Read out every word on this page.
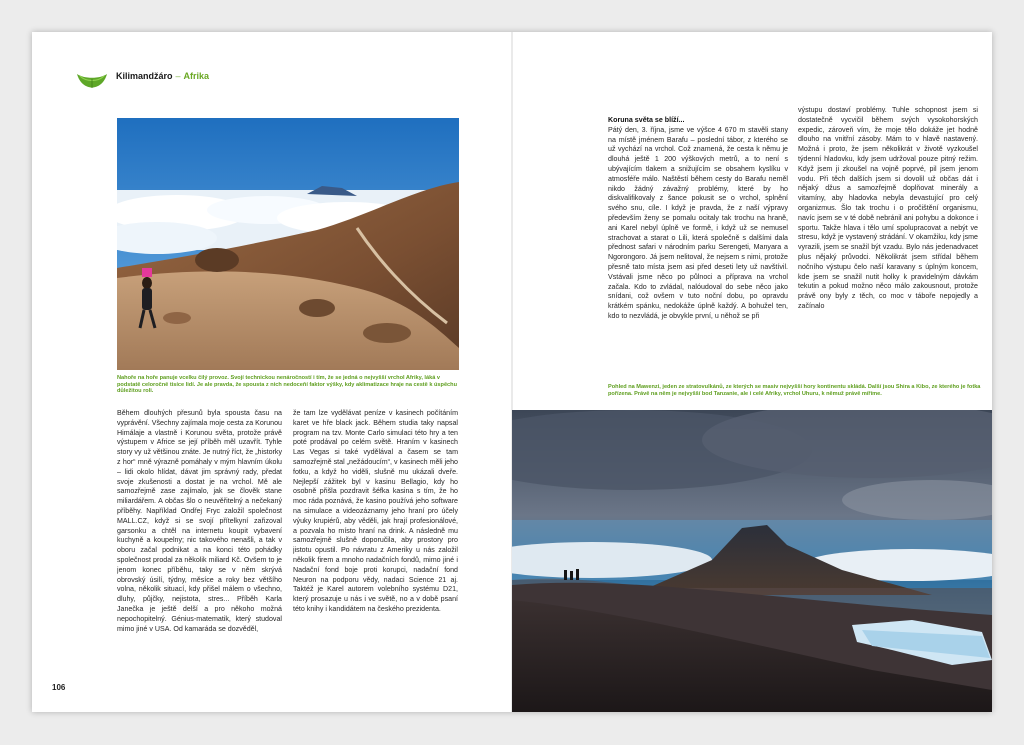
Kilimandžáro – Afrika
Nahoře na hoře panuje vcelku čilý provoz. Svojí technickou nenáročností i tím, že se jedná o nejvyšší vrchol Afriky, láká v podstatě celoročně tisíce lidí. Je ale pravda, že spousta z nich nedoceňí faktor výšky, kdy aklimatizace hraje na cestě k úspěchu důležitou roli.

Během dlouhých přesunů byla spousta času na vyprávění. Všechny zajímala moje cesta za Korunou Himálaje a vlastně i Korunou světa, protože právě výstupem v Africe se její příběh měl uzavřít. Tyhle story vy už většinou znáte. Je nutný říct, že „historky z hor“ mně výrazně pomáhaly v mým hlavním úkolu – lidi okolo hlídat, dávat jim správný rady, předat svoje zkušenosti a dostat je na vrchol. Mě ale samozřejmě zase zajímalo, jak se člověk stane miliardářem. A občas šlo o neuvěřitelný a nečekaný příběhy. Například Ondřej Fryc založil společnost MALL.CZ, když si se svojí přítelkyní zařizoval garsonku a chtěl na internetu koupit vybavení kuchyně a koupelny; nic takového nenašli, a tak v oboru začal podnikat a na konci této pohádky společnost prodal za několik miliard Kč. Ovšem to je jenom konec příběhu, taky se v něm skrývá obrovský úsilí, týdny, měsíce a roky bez většího volna, několik situací, kdy přišel málem o všechno, dluhy, půjčky, nejistota, stres... Příběh Karla Janečka je ještě delší a pro někoho možná nepochopitelný. Génius-matematik, který studoval mimo jiné v USA. Od kamaráda se dozvěděl,

že tam lze vydělávat peníze v kasinech počítáním karet ve hře black jack. Během studia taky napsal program na tzv. Monte Carlo simulaci této hry a ten poté prodával po celém světě. Hraním v kasinech Las Vegas si také vydělával a časem se tam samozřejmě stal „nežádoucím“, v kasinech měli jeho fotku, a když ho viděli, slušně mu ukázali dveře. Nejlepší zážitek byl v kasinu Bellagio, kdy ho osobně přišla pozdravit šéfka kasina s tím, že ho moc ráda poznává, že kasino používá jeho software na simulace a videozáznamy jeho hraní pro účely výuky krupiérů, aby věděli, jak hrají profesionálové, a pozvala ho místo hraní na drink. A následně mu samozřejmě slušně doporučila, aby prostory pro jistotu opustil. Po návratu z Ameriky u nás založil několik firem a mnoho nadačních fondů, mimo jiné i Nadační fond boje proti korupci, nadační fond Neuron na podporu vědy, nadaci Science 21 aj. Taktéž je Karel autorem volebního systému D21, který prosazuje u nás i ve světě, no a v době psaní této knihy i kandidátem na českého prezidenta.

106

Koruna světa se blíží...

Pátý den, 3. října, jsme ve výšce 4 670 m stavěli stany na místě jménem Barafu – poslední tábor, z kterého se už vychází na vrchol. Což znamená, že cesta k němu je dlouhá ještě 1 200 výškových metrů, a to není s ubývajícím tlakem a snižujícím se obsahem kyslíku v atmosféře málo. Naštěstí během cesty do Barafu neměl nikdo žádný závažný problémy, které by ho diskvalifikovaly z šance pokusit se o vrchol, splnění svého snu, cíle. I když je pravda, že z naší výpravy především ženy se pomalu ocitaly tak trochu na hraně, ani Karel nebyl úplně ve formě, i když už se nemusel strachovat a starat o Lili, která společně s dalšími dala přednost safari v národním parku Serengeti, Manyara a Ngorongoro. Já jsem nelitoval, že nejsem s nimi, protože přesně tato místa jsem asi před deseti lety už navštívil. Vstávali jsme něco po půlnoci a příprava na vrchol začala. Kdo to zvládal, nalóudoval do sebe něco jako snídani, což ovšem v tuto noční dobu, po opravdu krátkém spánku, nedokáže úplně každý. A bohužel ten, kdo to nezvládá, je obvykle první, u něhož se při

výstupu dostaví problémy. Tuhle schopnost jsem si dostatečně vycvičil během svých vysokohorských expedic, zároveň vím, že moje tělo dokáže jet hodně dlouho na vnitřní zásoby. Mám to v hlavě nastavený. Možná i proto, že jsem několikrát v životě vyzkoušel týdenní hladovku, kdy jsem udržoval pouze pitný režim. Když jsem ji zkoušel na vojně poprvé, pil jsem jenom vodu. Při těch dalších jsem si dovolil už občas dát i nějaký džus a samozřejmě doplňovat minerály a vitamíny, aby hladovka nebyla devastující pro celý organizmus. Šlo tak trochu i o pročištění organismu, navíc jsem se v té době nebránil ani pohybu a dokonce i sportu. Takže hlava i tělo umí spolupracovat a nebýt ve stresu, když je vystavený strádání. V okamžiku, kdy jsme vyrazili, jsem se snažil být vzadu. Bylo nás jedenadvacet plus nějaký průvodci. Několikrát jsem střídal během nočního výstupu čelo naší karavany s úplným koncem, kde jsem se snažil nutit holky k pravidelným dávkám tekutin a pokud možno něco málo zakousnout, protože právě ony byly z těch, co moc v táboře nepojedly a začínalo

Pohled na Mawenzi, jeden ze stratovulkánů, ze kterých se masiv nejvyšší hory kontinentu skládá. Další jsou Shira a Kibo, ze kterého je fotka pořízena. Právě na něm je nejvyšší bod Tanzanie, ale i celé Afriky, vrchol Uhuru, k němuž právě míříme.
